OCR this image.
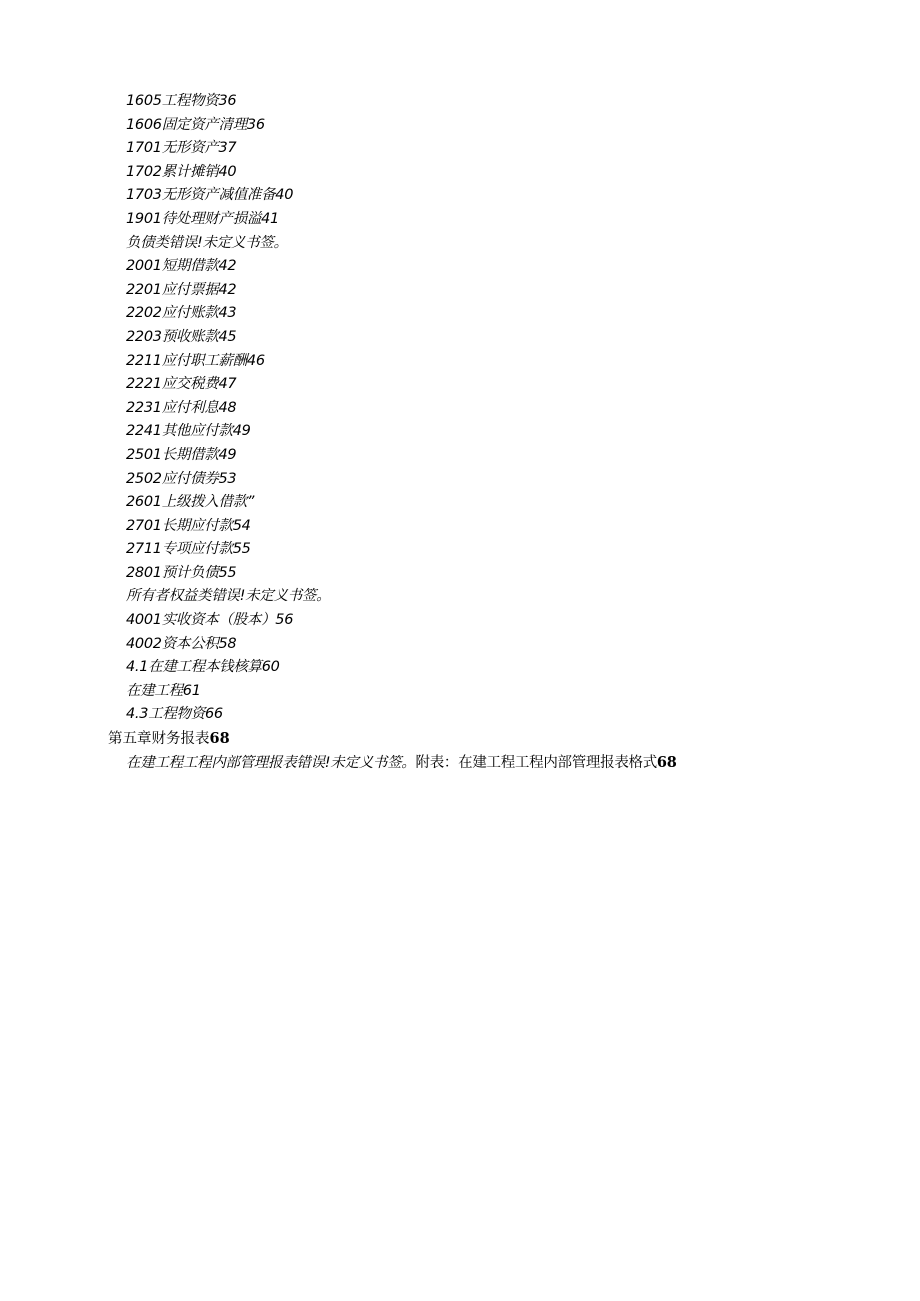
1605工程物资36
1606固定资产清理36
1701无形资产37
1702累计摊销40
1703无形资产减值准备40
1901待处理财产损溢41
负债类错误!未定义书签。
2001短期借款42
2201应付票据42
2202应付账款43
2203预收账款45
2211应付职工薪酬46
2221应交税费47
2231应付利息48
2241其他应付款49
2501长期借款49
2502应付债券53
2601上级拨入借款”
2701长期应付款54
2711专项应付款55
2801预计负债55
所有者权益类错误!未定义书签。
4001实收资本（股本）56
4002资本公积58
4.1在建工程本钱核算60
在建工程61
4.3工程物资66
第五章财务报表68
在建工程工程内部管理报表错误!未定义书签。附表：在建工程工程内部管理报表格式68
